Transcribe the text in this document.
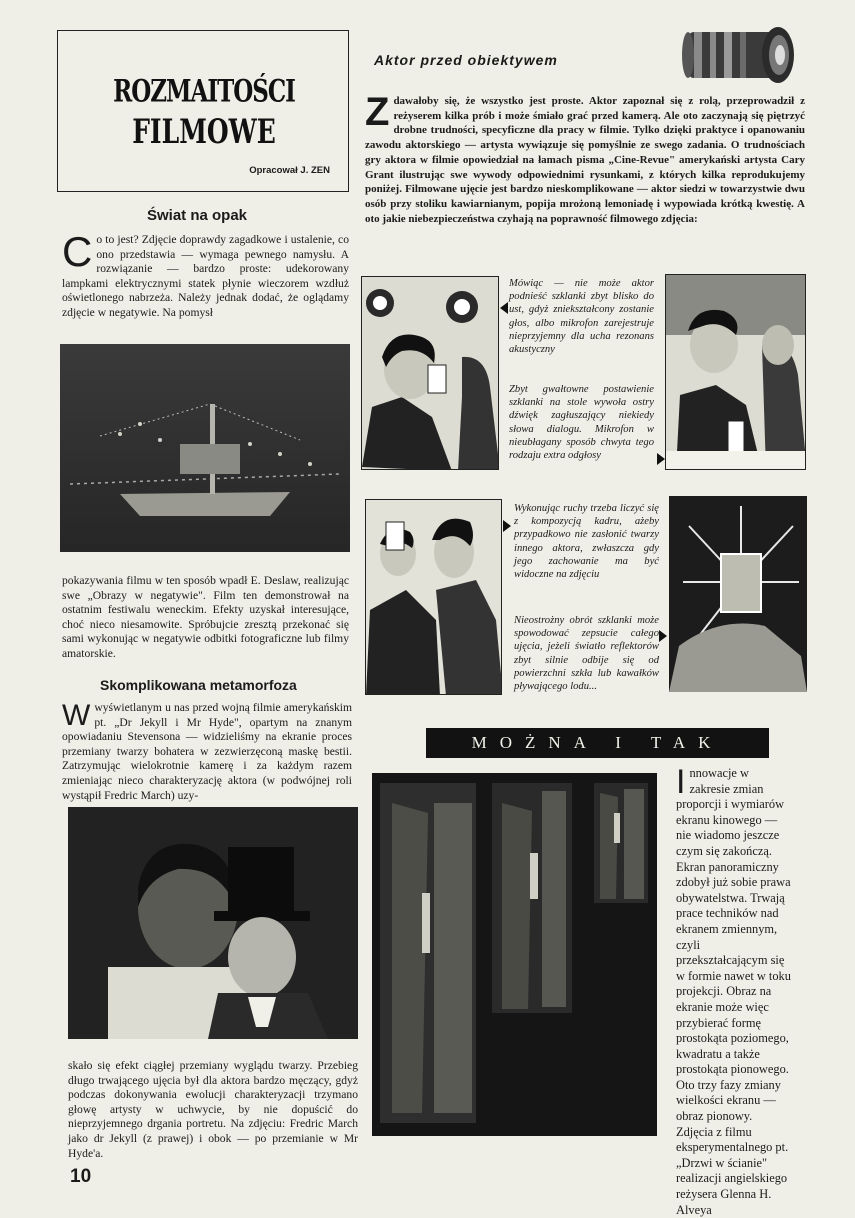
ROZMAITOŚCI
FILMOWE
Opracował J. ZEN
Aktor przed obiektywem
Zdawałoby się, że wszystko jest proste. Aktor zapoznał się z rolą, przeprowadził z reżyserem kilka prób i może śmiało grać przed kamerą. Ale oto zaczynają się piętrzyć drobne trudności, specyficzne dla pracy w filmie. Tylko dzięki praktyce i opanowaniu zawodu aktorskiego — artysta wywiązuje się pomyślnie ze swego zadania. O trudnościach gry aktora w filmie opowiedział na łamach pisma „Cine-Revue" amerykański artysta Cary Grant ilustrując swe wywody odpowiednimi rysunkami, z których kilka reprodukujemy poniżej. Filmowane ujęcie jest bardzo nieskomplikowane — aktor siedzi w towarzystwie dwu osób przy stoliku kawiarnianym, popija mrożoną lemoniadę i wypowiada krótką kwestię. A oto jakie niebezpieczeństwa czyhają na poprawność filmowego zdjęcia:
Mówiąc — nie może aktor podnieść szklanki zbyt blisko do ust, gdyż zniekształcony zostanie głos, albo mikrofon zarejestruje nieprzyjemny dla ucha rezonans akustyczny
Zbyt gwałtowne postawienie szklanki na stole wywoła ostry dźwięk zagłuszający niekiedy słowa dialogu. Mikrofon w nieubłagany sposób chwyta tego rodzaju extra odgłosy
Wykonując ruchy trzeba liczyć się z kompozycją kadru, ażeby przypadkowo nie zasłonić twarzy innego aktora, zwłaszcza gdy jego zachowanie ma być widoczne na zdjęciu
Nieostrożny obrót szklanki może spowodować zepsucie całego ujęcia, jeżeli światło reflektorów zbyt silnie odbije się od powierzchni szkła lub kawałków pływającego lodu...
Świat na opak
Co to jest? Zdjęcie doprawdy zagadkowe i ustalenie, co ono przedstawia — wymaga pewnego namysłu. A rozwiązanie — bardzo proste: udekorowany lampkami elektrycznymi statek płynie wieczorem wzdłuż oświetlonego nabrzeża. Należy jednak dodać, że oglądamy zdjęcie w negatywie. Na pomysł
pokazywania filmu w ten sposób wpadł E. Deslaw, realizując swe „Obrazy w negatywie". Film ten demonstrował na ostatnim festiwalu weneckim. Efekty uzyskał interesujące, choć nieco niesamowite. Spróbujcie zresztą przekonać się sami wykonując w negatywie odbitki fotograficzne lub filmy amatorskie.
Skomplikowana metamorfoza
Wwyświetlanym u nas przed wojną filmie amerykańskim pt. „Dr Jekyll i Mr Hyde", opartym na znanym opowiadaniu Stevensona — widzieliśmy na ekranie proces przemiany twarzy bohatera w zezwierzęconą maskę bestii. Zatrzymując wielokrotnie kamerę i za każdym razem zmieniając nieco charakteryzację aktora (w podwójnej roli wystąpił Fredric March) uzy-
skało się efekt ciągłej przemiany wyglądu twarzy. Przebieg długo trwającego ujęcia był dla aktora bardzo męczący, gdyż podczas dokonywania ewolucji charakteryzacji trzymano głowę artysty w uchwycie, by nie dopuścić do nieprzyjemnego drgania portretu. Na zdjęciu: Fredric March jako dr Jekyll (z prawej) i obok — po przemianie w Mr Hyde'a.
MOŻNA I TAK
Innowacje w zakresie zmian proporcji i wymiarów ekranu kinowego — nie wiadomo jeszcze czym się zakończą. Ekran panoramiczny zdobył już sobie prawa obywatelstwa. Trwają prace techników nad ekranem zmiennym, czyli przekształcającym się w formie nawet w toku projekcji. Obraz na ekranie może więc przybierać formę prostokąta poziomego, kwadratu a także prostokąta pionowego. Oto trzy fazy zmiany wielkości ekranu — obraz pionowy. Zdjęcia z filmu eksperymentalnego pt. „Drzwi w ścianie" realizacji angielskiego reżysera Glenna H. Alveya
10
